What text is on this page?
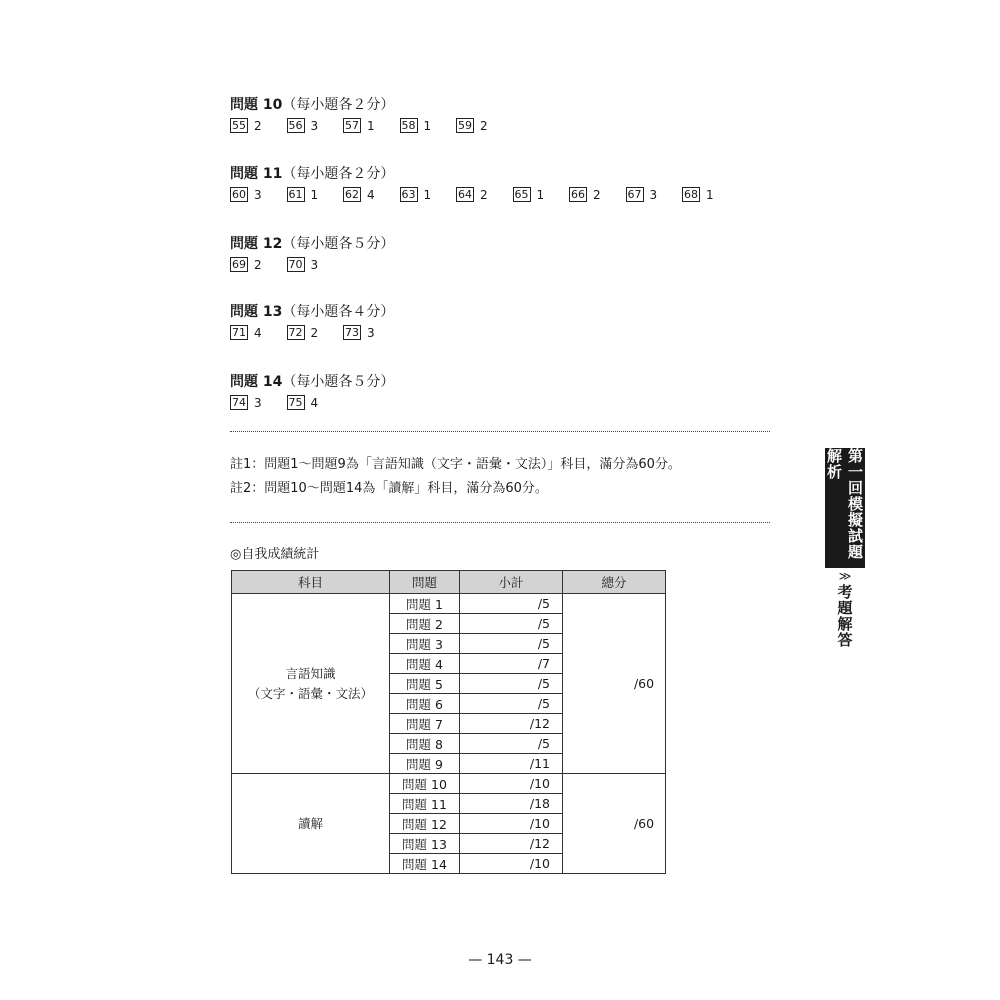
問題 10（每小題各２分）
55 2 56 3 57 1 58 1 59 2
問題 11（每小題各２分）
60 3 61 1 62 4 63 1 64 2 65 1 66 2 67 3 68 1
問題 12（每小題各５分）
69 2 70 3
問題 13（每小題各４分）
71 4 72 2 73 3
問題 14（每小題各５分）
74 3 75 4
註1：問題1～問題9為「言語知識（文字・語彙・文法）」科目，滿分為60分。
註2：問題10～問題14為「讀解」科目，滿分為60分。
◎自我成績統計
科目	問題	小計	總分

言語知識
（文字・語彙・文法）	問題 1	/5	/60
	問題 2	/5	
	問題 3	/5	
	問題 4	/7	
	問題 5	/5	
	問題 6	/5	
	問題 7	/12	
	問題 8	/5	
	問題 9	/11	

讀解	問題 10	/10	/60
	問題 11	/18	
	問題 12	/10	
	問題 13	/12	
	問題 14	/10	
第一回模擬試題解析
≫
考題解答
— 143 —
